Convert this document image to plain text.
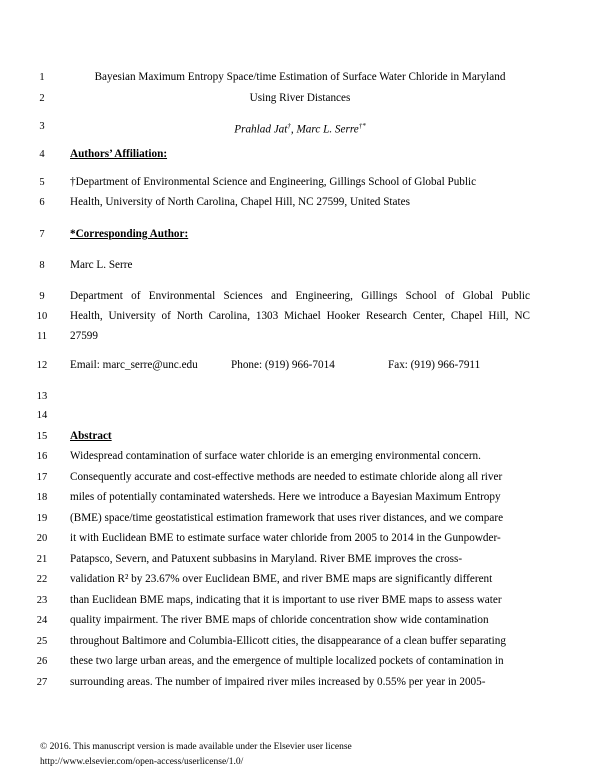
1
2
3
4
5
6
7
8
9
10
11
12
13
14
15
16
17
18
19
20
21
22
23
24
25
26
27
Bayesian Maximum Entropy Space/time Estimation of Surface Water Chloride in Maryland
Using River Distances
Prahlad Jat†, Marc L. Serre†*
Authors’ Affiliation:
†Department of Environmental Science and Engineering, Gillings School of Global Public
Health, University of North Carolina, Chapel Hill, NC 27599, United States
*Corresponding Author:
Marc L. Serre
Department of Environmental Sciences and Engineering, Gillings School of Global Public
Health, University of North Carolina, 1303 Michael Hooker Research Center, Chapel Hill, NC
27599
Email: marc_serre@unc.edu	Phone: (919) 966-7014	Fax: (919) 966-7911
Abstract
Widespread contamination of surface water chloride is an emerging environmental concern.
Consequently accurate and cost-effective methods are needed to estimate chloride along all river
miles of potentially contaminated watersheds. Here we introduce a Bayesian Maximum Entropy
(BME) space/time geostatistical estimation framework that uses river distances, and we compare
it with Euclidean BME to estimate surface water chloride from 2005 to 2014 in the Gunpowder-
Patapsco, Severn, and Patuxent subbasins in Maryland. River BME improves the cross-
validation R² by 23.67% over Euclidean BME, and river BME maps are significantly different
than Euclidean BME maps, indicating that it is important to use river BME maps to assess water
quality impairment. The river BME maps of chloride concentration show wide contamination
throughout Baltimore and Columbia-Ellicott cities, the disappearance of a clean buffer separating
these two large urban areas, and the emergence of multiple localized pockets of contamination in
surrounding areas. The number of impaired river miles increased by 0.55% per year in 2005-
© 2016. This manuscript version is made available under the Elsevier user license
http://www.elsevier.com/open-access/userlicense/1.0/
